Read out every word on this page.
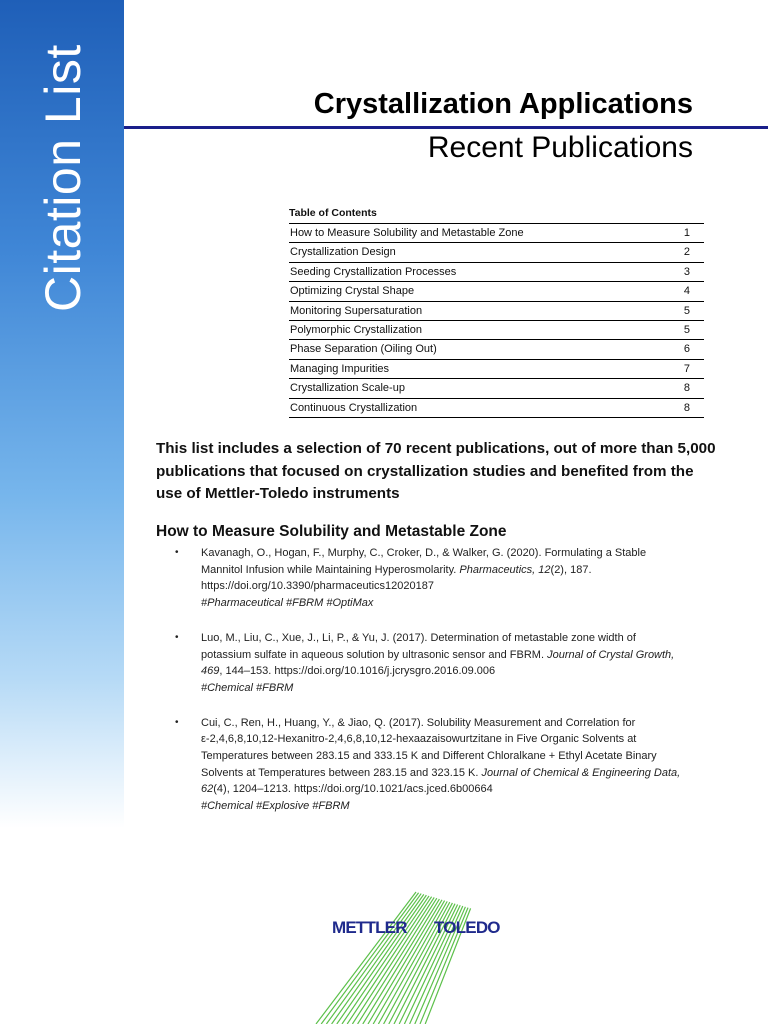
Citation List	Crystallization Applications
Recent Publications
Table of Contents
How to Measure Solubility and Metastable Zone	1
Crystallization Design	2
Seeding Crystallization Processes	3
Optimizing Crystal Shape	4
Monitoring Supersaturation	5
Polymorphic Crystallization	5
Phase Separation (Oiling Out)	6
Managing Impurities	7
Crystallization Scale-up	8
Continuous Crystallization	8
This list includes a selection of 70 recent publications, out of more than 5,000 publications that focused on crystallization studies and benefited from the use of Mettler-Toledo instruments
How to Measure Solubility and Metastable Zone
• Kavanagh, O., Hogan, F., Murphy, C., Croker, D., & Walker, G. (2020). Formulating a Stable Mannitol Infusion while Maintaining Hyperosmolarity. Pharmaceutics, 12(2), 187. https://doi.org/10.3390/pharmaceutics12020187
#Pharmaceutical #FBRM #OptiMax
• Luo, M., Liu, C., Xue, J., Li, P., & Yu, J. (2017). Determination of metastable zone width of potassium sulfate in aqueous solution by ultrasonic sensor and FBRM. Journal of Crystal Growth, 469, 144–153. https://doi.org/10.1016/j.jcrysgro.2016.09.006
#Chemical #FBRM
• Cui, C., Ren, H., Huang, Y., & Jiao, Q. (2017). Solubility Measurement and Correlation for ε-2,4,6,8,10,12-Hexanitro-2,4,6,8,10,12-hexaazaisowurtzitane in Five Organic Solvents at Temperatures between 283.15 and 333.15 K and Different Chloralkane + Ethyl Acetate Binary Solvents at Temperatures between 283.15 and 323.15 K. Journal of Chemical & Engineering Data, 62(4), 1204–1213. https://doi.org/10.1021/acs.jced.6b00664
#Chemical #Explosive #FBRM
METTLER TOLEDO
